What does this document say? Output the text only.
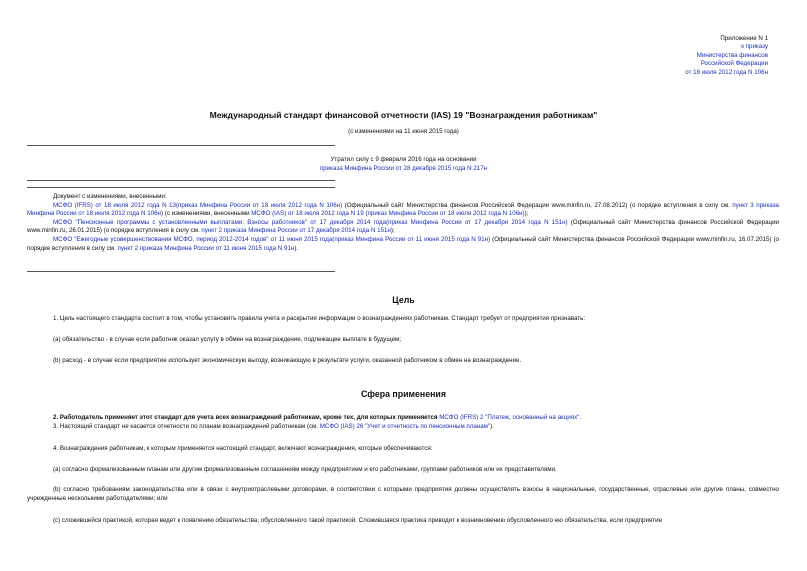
Приложение N 1
к приказу
Министерства финансов
Российской Федерации
от 18 июля 2012 года N 106н
Международный стандарт финансовой отчетности (IAS) 19 "Вознаграждения работникам"
(с изменениями на 11 июня 2015 года)
Утратил силу с 9 февраля 2016 года на основании
приказа Минфина России от 28 декабря 2015 года N 217н

Документ с изменениями, внесенными:

МСФО (IFRS) от 18 июля 2012 года N 13(приказ Минфина России от 18 июля 2012 года N 106н) (Официальный сайт Министерства финансов Российской Федерации www.minfin.ru, 27.08.2012) (о порядке вступления в силу см. пункт 3 приказа Минфина России от 18 июля 2012 года N 106н) (с изменениями, внесенными МСФО (IAS) от 18 июля 2012 года N 19 (приказ Минфина России от 18 июля 2012 года N 106н));

МСФО "Пенсионные программы с установленными выплатами: Взносы работников" от 17 декабря 2014 года(приказ Минфина России от 17 декабря 2014 года N 151н) (Официальный сайт Министерства финансов Российской Федерации www.minfin.ru, 26.01.2015) (о порядке вступления в силу см. пункт 2 приказа Минфина России от 17 декабря 2014 года N 151н);

МСФО "Ежегодные усовершенствования МСФО, период 2012-2014 годов" от 11 июня 2015 года(приказ Минфина России от 11 июня 2015 года N 91н) (Официальный сайт Министерства финансов Российской Федерации www.minfin.ru, 16.07.2015) (о порядке вступления в силу см. пункт 2 приказа Минфина России от 11 июня 2015 года N 91н).

Цель
1. Цель настоящего стандарта состоит в том, чтобы установить правила учета и раскрытия информации о вознаграждениях работникам. Стандарт требует от предприятия признавать:
(a) обязательство - в случае если работник оказал услугу в обмен на вознаграждение, подлежащее выплате в будущем;
(b) расход - в случае если предприятие использует экономическую выгоду, возникающую в результате услуги, оказанной работником в обмен на вознаграждение.
Сфера применения
2. Работодатель применяет этот стандарт для учета всех вознаграждений работникам, кроме тех, для которых применяется МСФО (IFRS) 2 "Платеж, основанный на акциях".
3. Настоящий стандарт не касается отчетности по планам вознаграждений работникам (см. МСФО (IAS) 26 "Учет и отчетность по пенсионным планам").
4. Вознаграждения работникам, к которым применяется настоящий стандарт, включают вознаграждения, которые обеспечиваются:
(a) согласно формализованным планам или другим формализованным соглашениям между предприятием и его работниками, группами работников или их представителями.
(b) согласно требованиям законодательства или в связи с внутриотраслевыми договорами, в соответствии с которыми предприятия должны осуществлять взносы в национальные, государственные, отраслевые или другие планы, совместно учрежденные несколькими работодателями; или
(c) сложившейся практикой, которая ведет к появлению обязательства, обусловленного такой практикой. Сложившаяся практика приводит к возникновению обусловленного ею обязательства, если предприятие
